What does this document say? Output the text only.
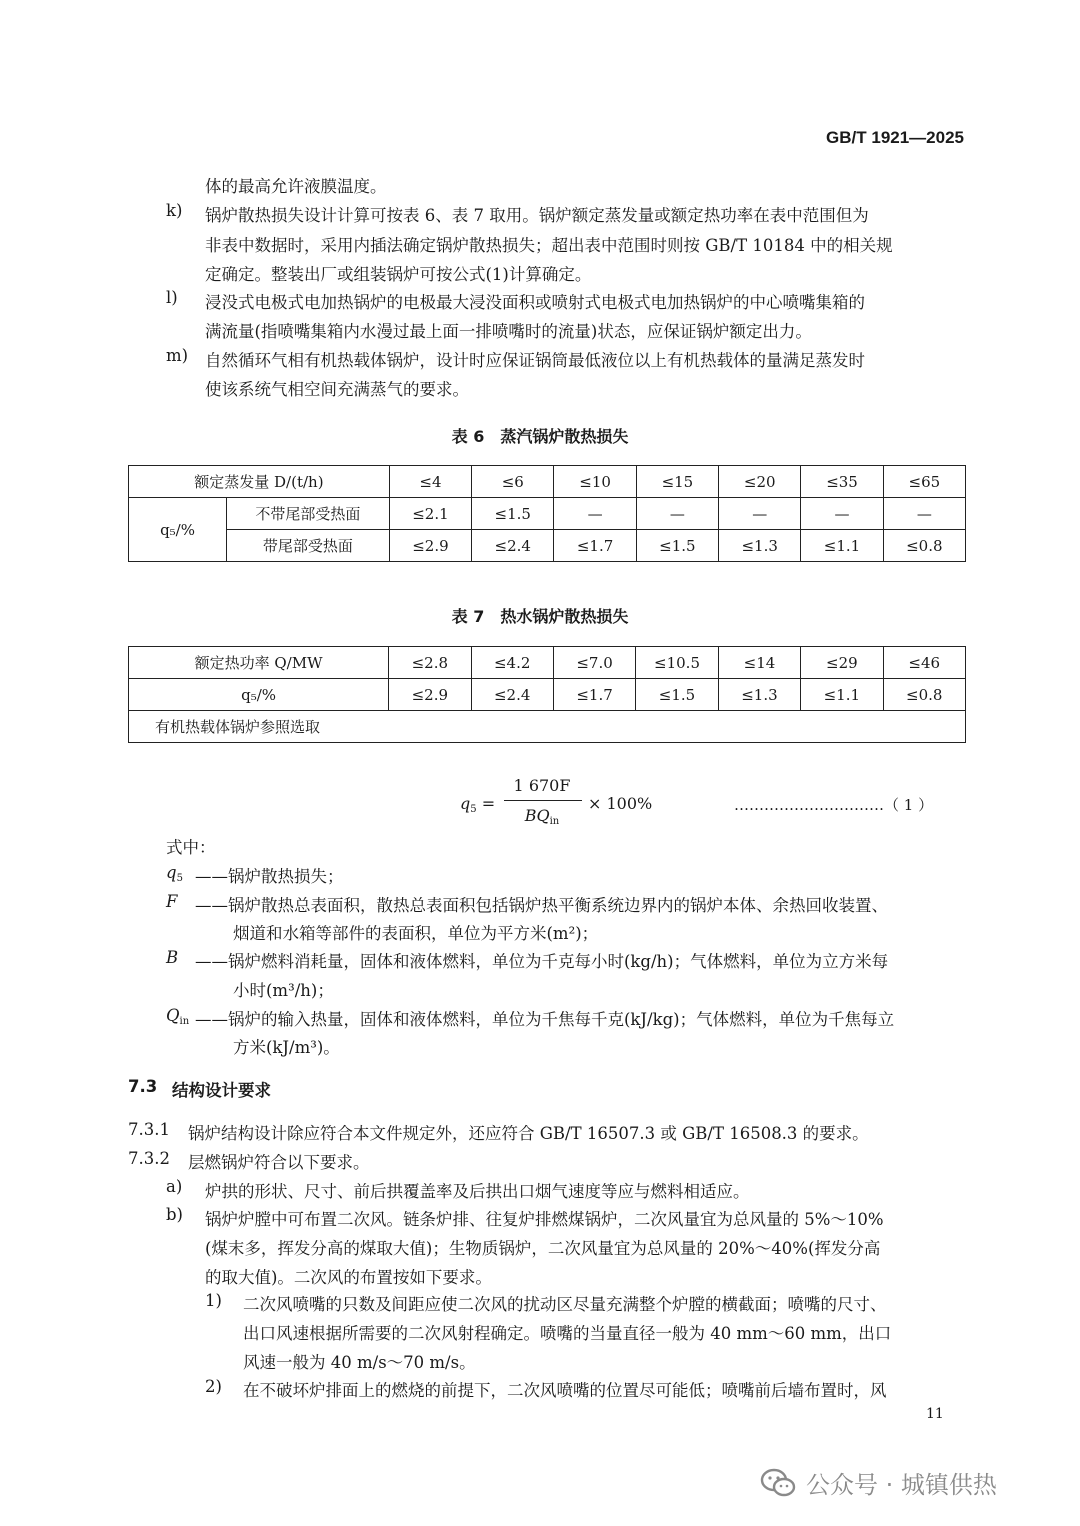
GB/T 1921—2025
体的最高允许液膜温度。
k) 锅炉散热损失设计计算可按表 6、表 7 取用。锅炉额定蒸发量或额定热功率在表中范围但为
非表中数据时，采用内插法确定锅炉散热损失；超出表中范围时则按 GB/T 10184 中的相关规
定确定。整装出厂或组装锅炉可按公式(1)计算确定。
l) 浸没式电极式电加热锅炉的电极最大浸没面积或喷射式电极式电加热锅炉的中心喷嘴集箱的
满流量(指喷嘴集箱内水漫过最上面一排喷嘴时的流量)状态，应保证锅炉额定出力。
m) 自然循环气相有机热载体锅炉，设计时应保证锅筒最低液位以上有机热载体的量满足蒸发时
使该系统气相空间充满蒸气的要求。
表 6　蒸汽锅炉散热损失
额定蒸发量 D/(t/h)		≤4	≤6	≤10	≤15	≤20	≤35	≤65
q₅/%	不带尾部受热面	≤2.1	≤1.5	—	—	—	—	—
	带尾部受热面	≤2.9	≤2.4	≤1.7	≤1.5	≤1.3	≤1.1	≤0.8
表 7　热水锅炉散热损失
额定热功率 Q/MW	≤2.8	≤4.2	≤7.0	≤10.5	≤14	≤29	≤46
q₅/%	≤2.9	≤2.4	≤1.7	≤1.5	≤1.3	≤1.1	≤0.8
有机热载体锅炉参照选取							
q5 =
1 670F
BQin
× 100%	…………………………（ 1 ）
式中：
q5 ——锅炉散热损失；
F ——锅炉散热总表面积，散热总表面积包括锅炉热平衡系统边界内的锅炉本体、余热回收装置、
烟道和水箱等部件的表面积，单位为平方米(m²)；
B ——锅炉燃料消耗量，固体和液体燃料，单位为千克每小时(kg/h)；气体燃料，单位为立方米每
小时(m³/h)；
Qin ——锅炉的输入热量，固体和液体燃料，单位为千焦每千克(kJ/kg)；气体燃料，单位为千焦每立
方米(kJ/m³)。
7.3 结构设计要求
7.3.1 锅炉结构设计除应符合本文件规定外，还应符合 GB/T 16507.3 或 GB/T 16508.3 的要求。
7.3.2 层燃锅炉符合以下要求。
a) 炉拱的形状、尺寸、前后拱覆盖率及后拱出口烟气速度等应与燃料相适应。
b) 锅炉炉膛中可布置二次风。链条炉排、往复炉排燃煤锅炉，二次风量宜为总风量的 5%～10%
(煤末多，挥发分高的煤取大值)；生物质锅炉，二次风量宜为总风量的 20%～40%(挥发分高
的取大值)。二次风的布置按如下要求。
1) 二次风喷嘴的只数及间距应使二次风的扰动区尽量充满整个炉膛的横截面；喷嘴的尺寸、
出口风速根据所需要的二次风射程确定。喷嘴的当量直径一般为 40 mm～60 mm，出口
风速一般为 40 m/s～70 m/s。
2) 在不破坏炉排面上的燃烧的前提下，二次风喷嘴的位置尽可能低；喷嘴前后墙布置时，风
11
公众号 · 城镇供热
